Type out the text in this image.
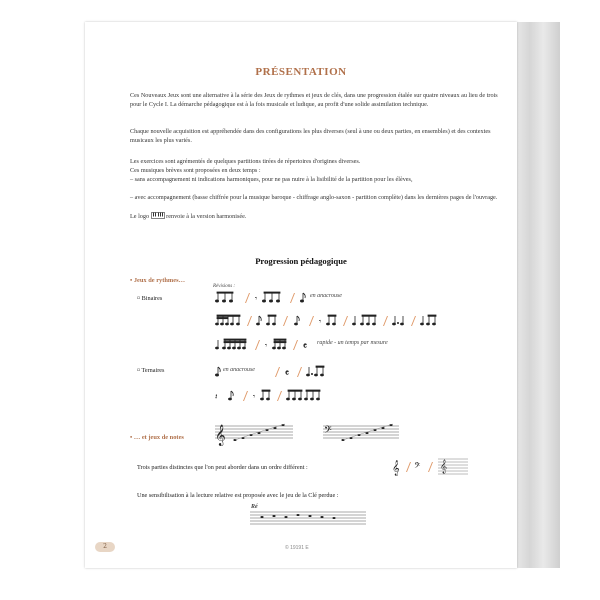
PRÉSENTATION
Ces Nouveaux Jeux sont une alternative à la série des Jeux de rythmes et jeux de clés, dans une progression étalée sur quatre niveaux au lieu de trois pour le Cycle I. La démarche pédagogique est à la fois musicale et ludique, au profit d'une solide assimilation technique.
Chaque nouvelle acquisition est appréhendée dans des configurations les plus diverses (seul à une ou deux parties, en ensembles) et des contextes musicaux les plus variés.
Les exercices sont agrémentés de quelques partitions tirées de répertoires d'origines diverses.
Ces musiques brèves sont proposées en deux temps :
– sans accompagnement ni indications harmoniques, pour ne pas nuire à la lisibilité de la partition pour les élèves,
– avec accompagnement (basse chiffrée pour la musique baroque - chiffrage anglo-saxon - partition complète) dans les dernières pages de l'ouvrage.
Le logo	renvoie à la version harmonisée.
Progression pédagogique
• Jeux de rythmes…
Révisions :
¤ Binaires	𝄾	en anacrouse
𝄾
𝄾	𝄴 rapide - un temps par mesure
¤ Ternaires	𝄴
en anacrouse
𝄽	𝄾
• … et jeux de notes 𝄞	𝄢
Trois parties distinctes que l'on peut aborder dans un ordre différent :	𝄞 𝄢 𝄞
Une sensibilisation à la lecture relative est proposée avec le jeu de la Clé perdue :
Ré
2	© 19191 E
